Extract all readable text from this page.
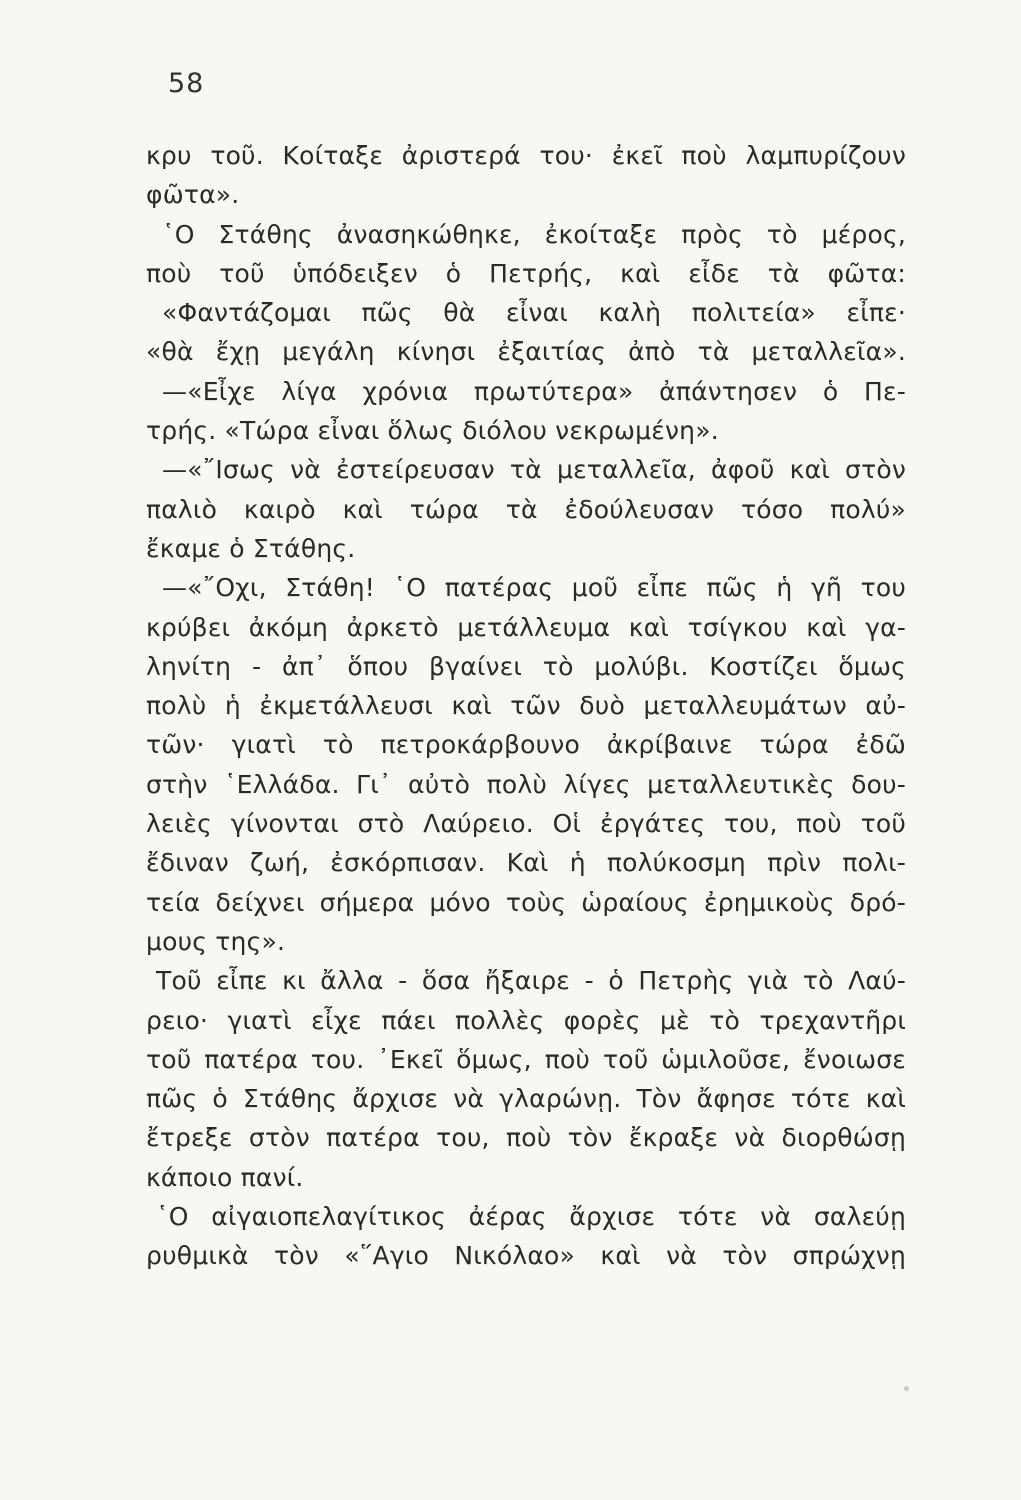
58
κρυ τοῦ. Κοίταξε ἀριστερά του· ἐκεῖ ποὺ λαμπυρίζουν
φῶτα».
῾Ο Στάθης ἀνασηκώθηκε, ἐκοίταξε πρὸς τὸ μέρος,
ποὺ τοῦ ὑπόδειξεν ὁ Πετρής, καὶ εἶδε τὰ φῶτα:
«Φαντάζομαι πῶς θὰ εἶναι καλὴ πολιτεία» εἶπε·
«θὰ ἔχῃ μεγάλη κίνησι ἐξαιτίας ἀπὸ τὰ μεταλλεῖα».
—«Εἶχε λίγα χρόνια πρωτύτερα» ἀπάντησεν ὁ Πε-
τρής. «Τώρα εἶναι ὅλως διόλου νεκρωμένη».
—«῎Ισως νὰ ἐστείρευσαν τὰ μεταλλεῖα, ἀφοῦ καὶ στὸν
παλιὸ καιρὸ καὶ τώρα τὰ ἐδούλευσαν τόσο πολύ»
ἔκαμε ὁ Στάθης.
—«῎Οχι, Στάθη! ῾Ο πατέρας μοῦ εἶπε πῶς ἡ γῆ του
κρύβει ἀκόμη ἀρκετὸ μετάλλευμα καὶ τσίγκου καὶ γα-
ληνίτη - ἀπ᾿ ὅπου βγαίνει τὸ μολύβι. Κοστίζει ὅμως
πολὺ ἡ ἐκμετάλλευσι καὶ τῶν δυὸ μεταλλευμάτων αὐ-
τῶν· γιατὶ τὸ πετροκάρβουνο ἀκρίβαινε τώρα ἐδῶ
στὴν ῾Ελλάδα. Γι᾿ αὐτὸ πολὺ λίγες μεταλλευτικὲς δου-
λειὲς γίνονται στὸ Λαύρειο. Οἱ ἐργάτες του, ποὺ τοῦ
ἔδιναν ζωή, ἐσκόρπισαν. Καὶ ἡ πολύκοσμη πρὶν πολι-
τεία δείχνει σήμερα μόνο τοὺς ὡραίους ἐρημικοὺς δρό-
μους της».
Τοῦ εἶπε κι ἄλλα - ὅσα ἤξαιρε - ὁ Πετρὴς γιὰ τὸ Λαύ-
ρειο· γιατὶ εἶχε πάει πολλὲς φορὲς μὲ τὸ τρεχαντῆρι
τοῦ πατέρα του. ᾽Εκεῖ ὅμως, ποὺ τοῦ ὡμιλοῦσε, ἔνοιωσε
πῶς ὁ Στάθης ἄρχισε νὰ γλαρώνῃ. Τὸν ἄφησε τότε καὶ
ἔτρεξε στὸν πατέρα του, ποὺ τὸν ἔκραξε νὰ διορθώσῃ
κάποιο πανί.
῾Ο αἰγαιοπελαγίτικος ἀέρας ἄρχισε τότε νὰ σαλεύῃ
ρυθμικὰ τὸν «῞Αγιο Νικόλαο» καὶ νὰ τὸν σπρώχνῃ
